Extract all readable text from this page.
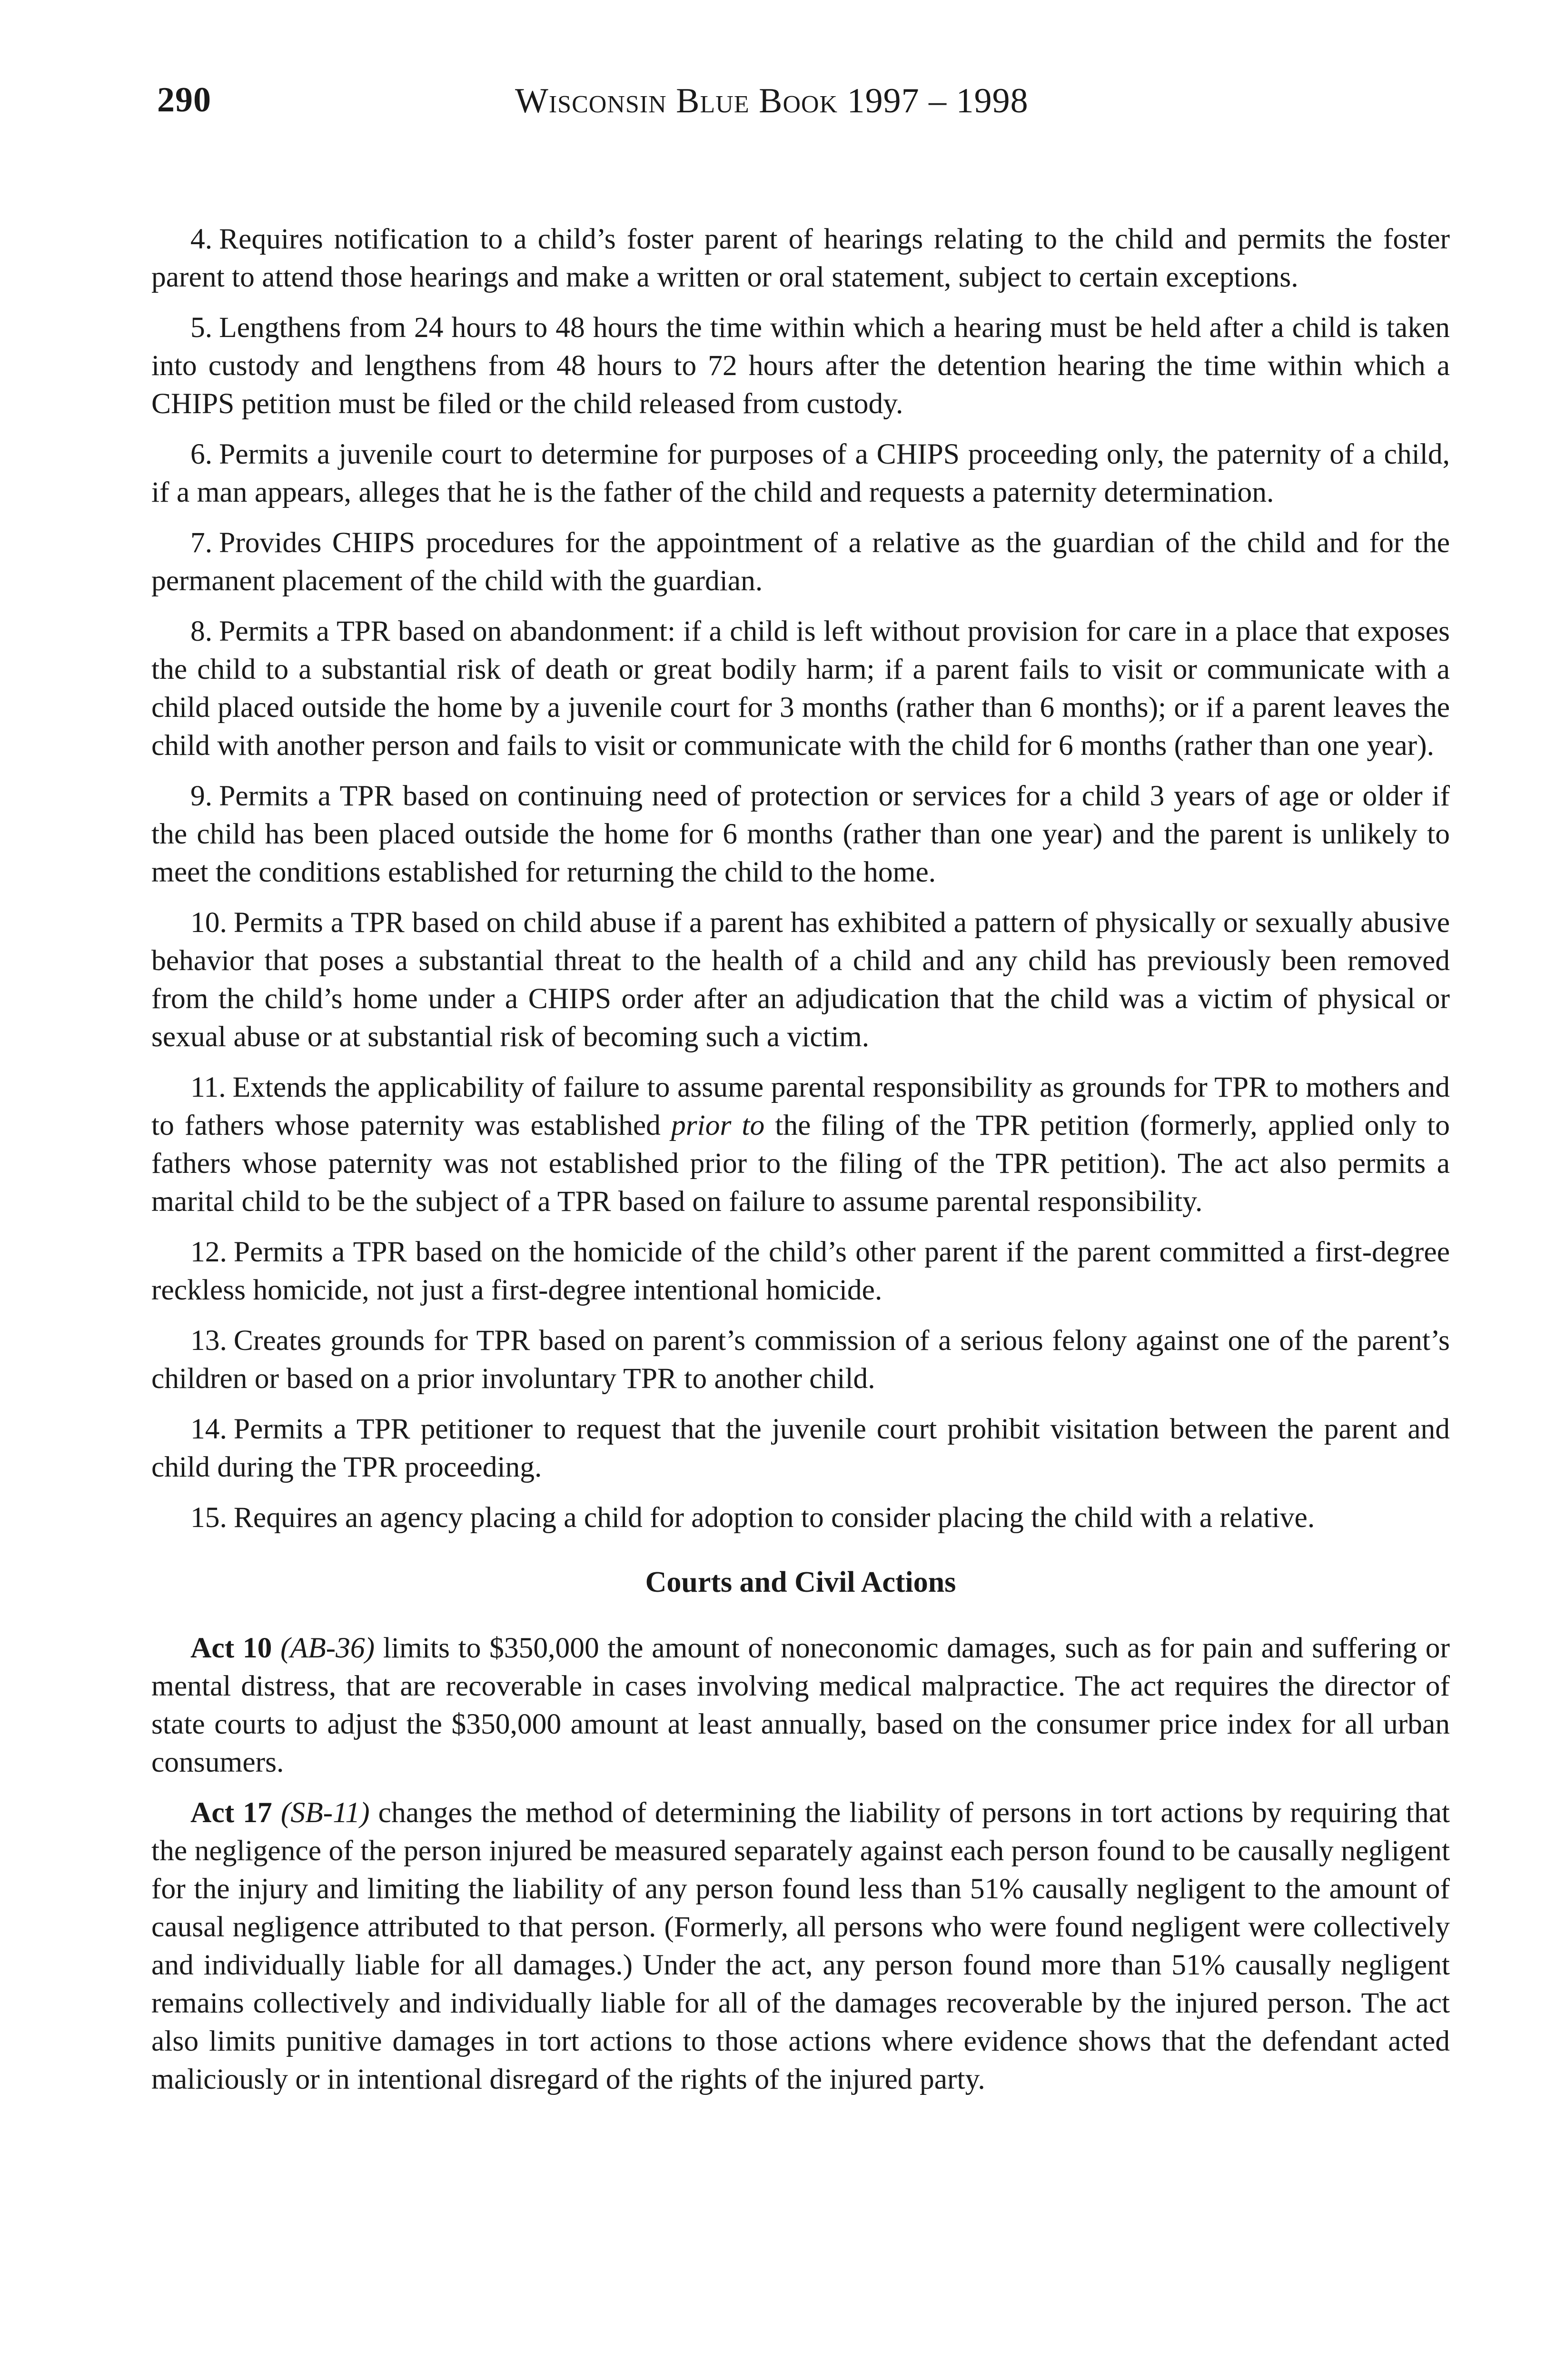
290	Wisconsin Blue Book 1997 – 1998

4. Requires notification to a child’s foster parent of hearings relating to the child and permits the foster parent to attend those hearings and make a written or oral statement, subject to certain exceptions.

5. Lengthens from 24 hours to 48 hours the time within which a hearing must be held after a child is taken into custody and lengthens from 48 hours to 72 hours after the detention hearing the time within which a CHIPS petition must be filed or the child released from custody.

6. Permits a juvenile court to determine for purposes of a CHIPS proceeding only, the paternity of a child, if a man appears, alleges that he is the father of the child and requests a paternity determination.

7. Provides CHIPS procedures for the appointment of a relative as the guardian of the child and for the permanent placement of the child with the guardian.

8. Permits a TPR based on abandonment: if a child is left without provision for care in a place that exposes the child to a substantial risk of death or great bodily harm; if a parent fails to visit or communicate with a child placed outside the home by a juvenile court for 3 months (rather than 6 months); or if a parent leaves the child with another person and fails to visit or communicate with the child for 6 months (rather than one year).

9. Permits a TPR based on continuing need of protection or services for a child 3 years of age or older if the child has been placed outside the home for 6 months (rather than one year) and the parent is unlikely to meet the conditions established for returning the child to the home.

10. Permits a TPR based on child abuse if a parent has exhibited a pattern of physically or sexually abusive behavior that poses a substantial threat to the health of a child and any child has previously been removed from the child’s home under a CHIPS order after an adjudication that the child was a victim of physical or sexual abuse or at substantial risk of becoming such a victim.

11. Extends the applicability of failure to assume parental responsibility as grounds for TPR to mothers and to fathers whose paternity was established prior to the filing of the TPR petition (formerly, applied only to fathers whose paternity was not established prior to the filing of the TPR petition). The act also permits a marital child to be the subject of a TPR based on failure to assume parental responsibility.

12. Permits a TPR based on the homicide of the child’s other parent if the parent committed a first-degree reckless homicide, not just a first-degree intentional homicide.

13. Creates grounds for TPR based on parent’s commission of a serious felony against one of the parent’s children or based on a prior involuntary TPR to another child.

14. Permits a TPR petitioner to request that the juvenile court prohibit visitation between the parent and child during the TPR proceeding.

15. Requires an agency placing a child for adoption to consider placing the child with a relative.

Courts and Civil Actions

Act 10 (AB-36) limits to $350,000 the amount of noneconomic damages, such as for pain and suffering or mental distress, that are recoverable in cases involving medical malpractice. The act requires the director of state courts to adjust the $350,000 amount at least annually, based on the consumer price index for all urban consumers.

Act 17 (SB-11) changes the method of determining the liability of persons in tort actions by requiring that the negligence of the person injured be measured separately against each person found to be causally negligent for the injury and limiting the liability of any person found less than 51% causally negligent to the amount of causal negligence attributed to that person. (Formerly, all persons who were found negligent were collectively and individually liable for all damages.) Under the act, any person found more than 51% causally negligent remains collectively and individually liable for all of the damages recoverable by the injured person. The act also limits punitive damages in tort actions to those actions where evidence shows that the defendant acted maliciously or in intentional disregard of the rights of the injured party.
